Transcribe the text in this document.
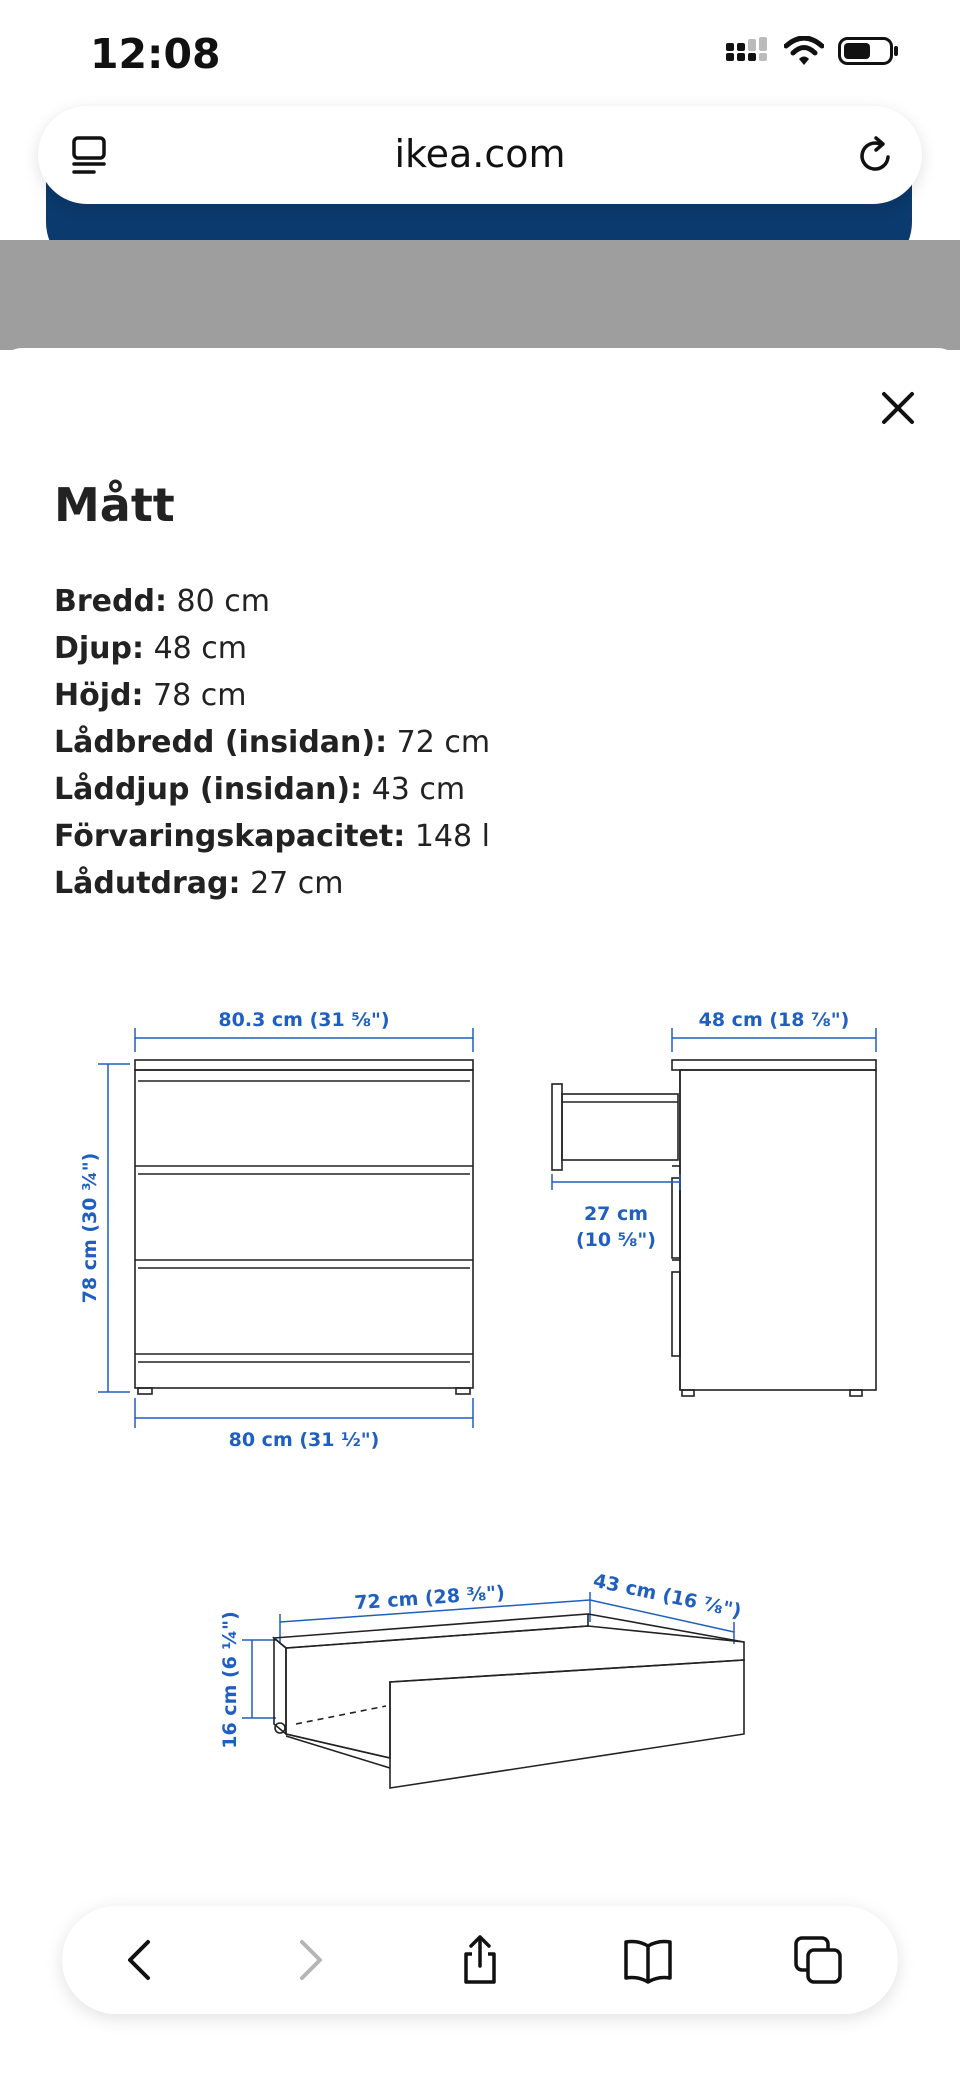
12:08
ikea.com
Mått
Bredd: 80 cm
Djup: 48 cm
Höjd: 78 cm
Lådbredd (insidan): 72 cm
Låddjup (insidan): 43 cm
Förvaringskapacitet: 148 l
Lådutdrag: 27 cm
80.3 cm (31 ⅝")
78 cm (30 ¾")
80 cm (31 ½")
48 cm (18 ⅞")
27 cm
(10 ⅝")
72 cm (28 ⅜")	43 cm (16 ⅞")
16 cm (6 ¼")
